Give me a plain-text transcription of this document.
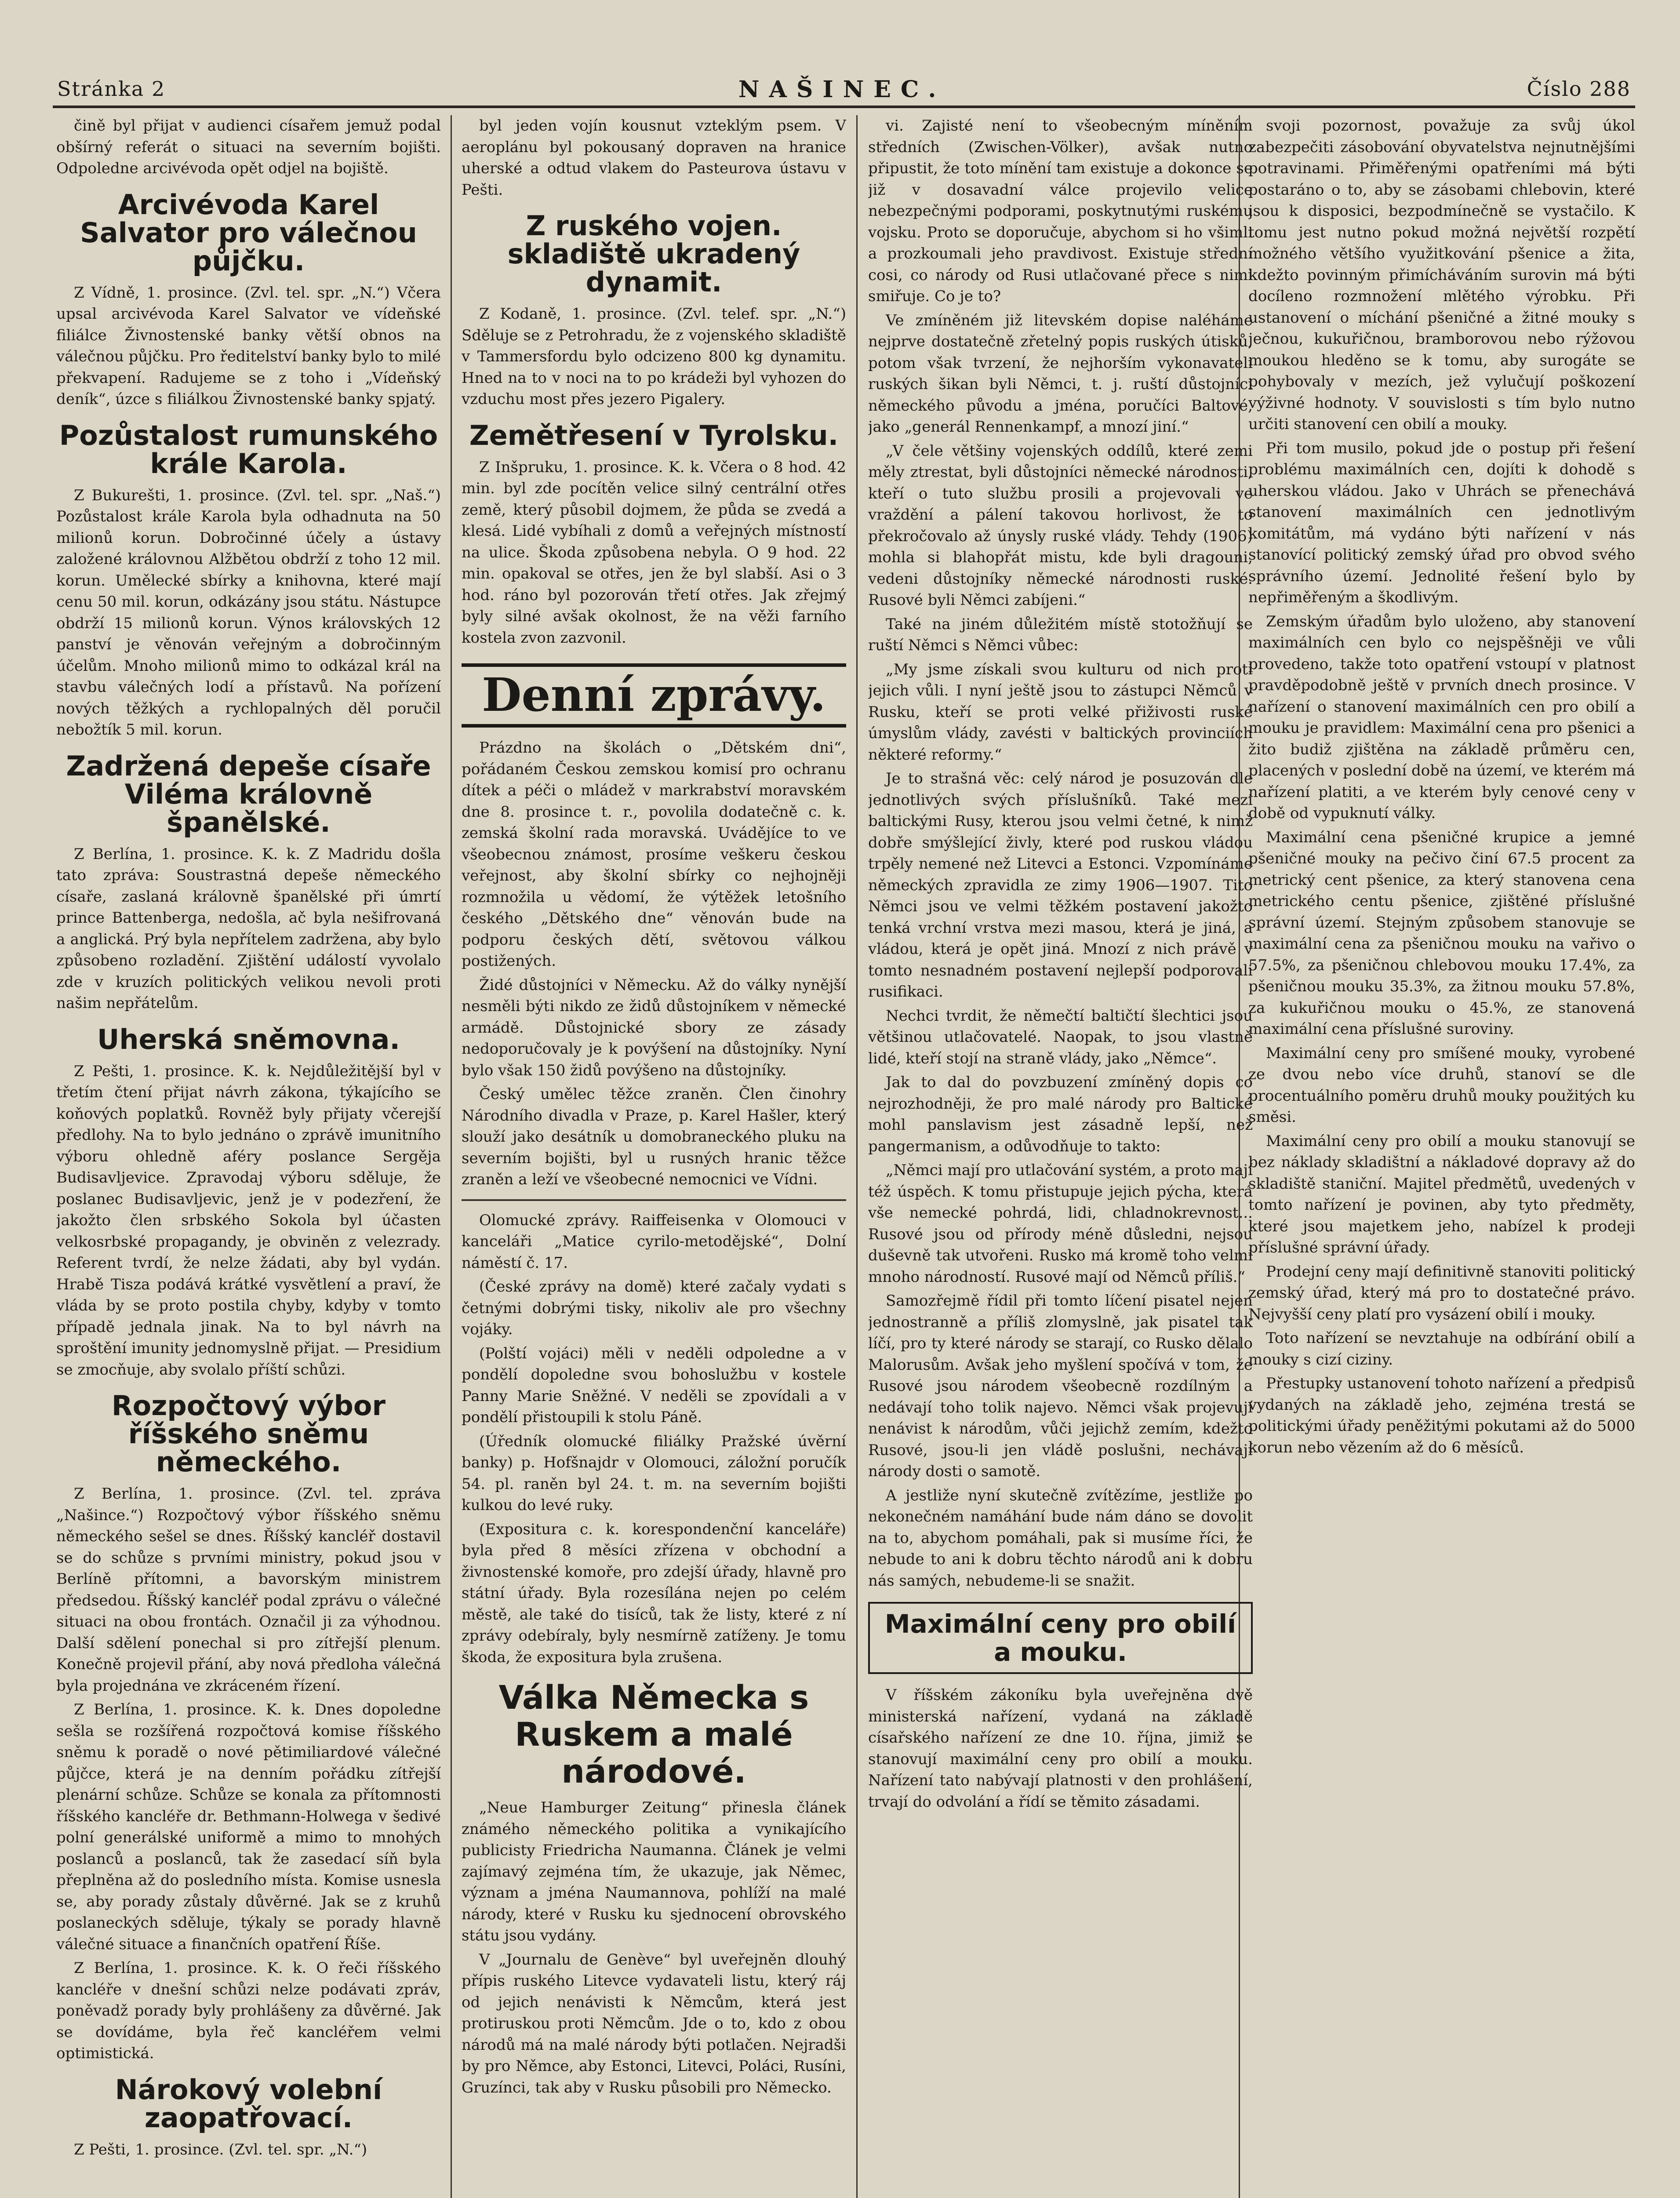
Stránka 2	NAŠINEC.	Číslo 288

čině byl přijat v audienci císařem jemuž podal obšírný referát o situaci na severním bojišti. Odpoledne arcivévoda opět odjel na bojiště.

Arcivévoda Karel Salvator pro válečnou půjčku.

Z Vídně, 1. prosince. (Zvl. tel. spr. „N.“) Včera upsal arcivévoda Karel Salvator ve vídeňské filiálce Živnostenské banky větší obnos na válečnou půjčku. Pro ředitelství banky bylo to milé překvapení. Radujeme se z toho i „Vídeňský deník“, úzce s filiálkou Živnostenské banky spjatý.

Pozůstalost rumunského krále Karola.

Z Bukurešti, 1. prosince. (Zvl. tel. spr. „Naš.“) Pozůstalost krále Karola byla odhadnuta na 50 milionů korun. Dobročinné účely a ústavy založené královnou Alžbětou obdrží z toho 12 mil. korun. Umělecké sbírky a knihovna, které mají cenu 50 mil. korun, odkázány jsou státu. Nástupce obdrží 15 milionů korun. Výnos královských 12 panství je věnován veřejným a dobročinným účelům. Mnoho milionů mimo to odkázal král na stavbu válečných lodí a přístavů. Na pořízení nových těžkých a rychlopalných děl poručil nebožtík 5 mil. korun.

Zadržená depeše císaře Viléma královně španělské.

Z Berlína, 1. prosince. K. k. Z Madridu došla tato zpráva: Soustrastná depeše německého císaře, zaslaná královně španělské při úmrtí prince Battenberga, nedošla, ač byla nešifrovaná a anglická. Prý byla nepřítelem zadržena, aby bylo způsobeno rozladění. Zjištění událostí vyvolalo zde v kruzích politických velikou nevoli proti našim nepřátelům.

Uherská sněmovna.

Z Pešti, 1. prosince. K. k. Nejdůležitější byl v třetím čtení přijat návrh zákona, týkajícího se koňových poplatků. Rovněž byly přijaty včerejší předlohy. Na to bylo jednáno o zprávě imunitního výboru ohledně aféry poslance Sergěja Budisavljevice. Zpravodaj výboru sděluje, že poslanec Budisavljevic, jenž je v podezření, že jakožto člen srbského Sokola byl účasten velkosrbské propagandy, je obviněn z velezrady. Referent tvrdí, že nelze žádati, aby byl vydán. Hrabě Tisza podává krátké vysvětlení a praví, že vláda by se proto postila chyby, kdyby v tomto případě jednala jinak. Na to byl návrh na sproštění imunity jednomyslně přijat. — Presidium se zmocňuje, aby svolalo příští schůzi.

Rozpočtový výbor říšského sněmu německého.

Z Berlína, 1. prosince. (Zvl. tel. zpráva „Našince.“) Rozpočtový výbor říšského sněmu německého sešel se dnes. Říšský kancléř dostavil se do schůze s prvními ministry, pokud jsou v Berlíně přítomni, a bavorským ministrem předsedou. Říšský kancléř podal zprávu o válečné situaci na obou frontách. Označil ji za výhodnou. Další sdělení ponechal si pro zítřejší plenum. Konečně projevil přání, aby nová předloha válečná byla projednána ve zkráceném řízení.

Z Berlína, 1. prosince. K. k. Dnes dopoledne sešla se rozšířená rozpočtová komise říšského sněmu k poradě o nové pětimiliardové válečné půjčce, která je na denním pořádku zítřejší plenární schůze. Schůze se konala za přítomnosti říšského kancléře dr. Bethmann-Holwega v šedivé polní generálské uniformě a mimo to mnohých poslanců a poslanců, tak že zasedací síň byla přeplněna až do posledního místa. Komise usnesla se, aby porady zůstaly důvěrné. Jak se z kruhů poslaneckých sděluje, týkaly se porady hlavně válečné situace a finančních opatření Říše.

Z Berlína, 1. prosince. K. k. O řeči říšského kancléře v dnešní schůzi nelze podávati zpráv, poněvadž porady byly prohlášeny za důvěrné. Jak se dovídáme, byla řeč kancléřem velmi optimistická.

Nárokový volební zaopatřovací.

Z Pešti, 1. prosince. (Zvl. tel. spr. „N.“)

byl jeden vojín kousnut vzteklým psem. V aeroplánu byl pokousaný dopraven na hranice uherské a odtud vlakem do Pasteurova ústavu v Pešti.

Z ruského vojen. skladiště ukradený dynamit.

Z Kodaně, 1. prosince. (Zvl. telef. spr. „N.“) Sděluje se z Petrohradu, že z vojenského skladiště v Tammersfordu bylo odcizeno 800 kg dynamitu. Hned na to v noci na to po krádeži byl vyhozen do vzduchu most přes jezero Pigalery.

Zemětřesení v Tyrolsku.

Z Inšpruku, 1. prosince. K. k. Včera o 8 hod. 42 min. byl zde pocítěn velice silný centrální otřes země, který působil dojmem, že půda se zvedá a klesá. Lidé vybíhali z domů a veřejných místností na ulice. Škoda způsobena nebyla. O 9 hod. 22 min. opakoval se otřes, jen že byl slabší. Asi o 3 hod. ráno byl pozorován třetí otřes. Jak zřejmý byly silné avšak okolnost, že na věži farního kostela zvon zazvonil.

Denní zprávy.

Prázdno na školách o „Dětském dni“, pořádaném Českou zemskou komisí pro ochranu dítek a péči o mládež v markrabství moravském dne 8. prosince t. r., povolila dodatečně c. k. zemská školní rada moravská. Uvádějíce to ve všeobecnou známost, prosíme veškeru českou veřejnost, aby školní sbírky co nejhojněji rozmnožila u vědomí, že výtěžek letošního českého „Dětského dne“ věnován bude na podporu českých dětí, světovou válkou postižených.

Židé důstojníci v Německu. Až do války nynější nesměli býti nikdo ze židů důstojníkem v německé armádě. Důstojnické sbory ze zásady nedoporučovaly je k povýšení na důstojníky. Nyní bylo však 150 židů povýšeno na důstojníky.

Český umělec těžce zraněn. Člen činohry Národního divadla v Praze, p. Karel Hašler, který slouží jako desátník u domobraneckého pluku na severním bojišti, byl u rusných hranic těžce zraněn a leží ve všeobecné nemocnici ve Vídni.

Olomucké zprávy. Raiffeisenka v Olomouci v kanceláři „Matice cyrilo-metodějské“, Dolní náměstí č. 17.

(České zprávy na domě) které začaly vydati s četnými dobrými tisky, nikoliv ale pro všechny vojáky.

(Polští vojáci) měli v neděli odpoledne a v pondělí dopoledne svou bohoslužbu v kostele Panny Marie Sněžné. V neděli se zpovídali a v pondělí přistoupili k stolu Páně.

(Úředník olomucké filiálky Pražské úvěrní banky) p. Hofšnajdr v Olomouci, záložní poručík 54. pl. raněn byl 24. t. m. na severním bojišti kulkou do levé ruky.

(Expositura c. k. korespondenční kanceláře) byla před 8 měsíci zřízena v obchodní a živnostenské komoře, pro zdejší úřady, hlavně pro státní úřady. Byla rozesílána nejen po celém městě, ale také do tisíců, tak že listy, které z ní zprávy odebíraly, byly nesmírně zatíženy. Je tomu škoda, že expositura byla zrušena.

Válka Německa s Ruskem a malé národové.

„Neue Hamburger Zeitung“ přinesla článek známého německého politika a vynikajícího publicisty Friedricha Naumanna. Článek je velmi zajímavý zejména tím, že ukazuje, jak Němec, význam a jména Naumannova, pohlíží na malé národy, které v Rusku ku sjednocení obrovského státu jsou vydány.

V „Journalu de Genève“ byl uveřejněn dlouhý přípis ruského Litevce vydavateli listu, který ráj od jejich nenávisti k Němcům, která jest protiruskou proti Němcům. Jde o to, kdo z obou národů má na malé národy býti potlačen. Nejradši by pro Němce, aby Estonci, Litevci, Poláci, Rusíni, Gruzínci, tak aby v Rusku působili pro Německo.

vi. Zajisté není to všeobecným míněním středních (Zwischen-Völker), avšak nutno připustit, že toto mínění tam existuje a dokonce se již v dosavadní válce projevilo velice nebezpečnými podporami, poskytnutými ruskému vojsku. Proto se doporučuje, abychom si ho všimli a prozkoumali jeho pravdivost. Existuje střední cosi, co národy od Rusi utlačované přece s nimi smiřuje. Co je to?

Ve zmíněném již litevském dopise naléháme nejprve dostatečně zřetelný popis ruských útisků, potom však tvrzení, že nejhorším vykonavateli ruských šikan byli Němci, t. j. ruští důstojníci německého původu a jména, poručíci Baltové, jako „generál Rennenkampf, a mnozí jiní.“

„V čele většiny vojenských oddílů, které zemi měly ztrestat, byli důstojníci německé národnosti, kteří o tuto službu prosili a projevovali ve vraždění a pálení takovou horlivost, že to překročovalo až únysly ruské vlády. Tehdy (1906) mohla si blahopřát mistu, kde byli dragouni, vedeni důstojníky německé národnosti ruské. Rusové byli Němci zabíjeni.“

Také na jiném důležitém místě stotožňují se ruští Němci s Němci vůbec:

„My jsme získali svou kulturu od nich proti jejich vůli. I nyní ještě jsou to zástupci Němců v Rusku, kteří se proti velké přiživosti ruské úmyslům vlády, zavésti v baltických provinciích některé reformy.“

Je to strašná věc: celý národ je posuzován dle jednotlivých svých příslušníků. Také mezi baltickými Rusy, kterou jsou velmi četné, k nimž dobře smýšlející živly, které pod ruskou vládou trpěly nemené než Litevci a Estonci. Vzpomínáme německých zpravidla ze zimy 1906—1907. Tito Němci jsou ve velmi těžkém postavení jakožto tenká vrchní vrstva mezi masou, která je jiná, a vládou, která je opět jiná. Mnozí z nich právě v tomto nesnadném postavení nejlepší podporovali rusifikaci.

Nechci tvrdit, že němečtí baltičtí šlechtici jsou většinou utlačovatelé. Naopak, to jsou vlastně lidé, kteří stojí na straně vlády, jako „Němce“.

Jak to dal do povzbuzení zmíněný dopis co nejrozhodněji, že pro malé národy pro Baltické mohl panslavism jest zásadně lepší, než pangermanism, a odůvodňuje to takto:

„Němci mají pro utlačování systém, a proto mají též úspěch. K tomu přistupuje jejich pýcha, která vše nemecké pohrdá, lidi, chladnokrevnost... Rusové jsou od přírody méně důsledni, nejsou duševně tak utvořeni. Rusko má kromě toho velmi mnoho národností. Rusové mají od Němců příliš.“

Samozřejmě řídil při tomto líčení pisatel nejen jednostranně a příliš zlomyslně, jak pisatel tak líčí, pro ty které národy se starají, co Rusko dělalo Malorusům. Avšak jeho myšlení spočívá v tom, že Rusové jsou národem všeobecně rozdílným a nedávají toho tolik najevo. Němci však projevují nenávist k národům, vůči jejichž zemím, kdežto Rusové, jsou-li jen vládě poslušni, nechávají národy dosti o samotě.

A jestliže nyní skutečně zvítězíme, jestliže po nekonečném namáhání bude nám dáno se dovolit na to, abychom pomáhali, pak si musíme říci, že nebude to ani k dobru těchto národů ani k dobru nás samých, nebudeme-li se snažit.

Maximální ceny pro obilí a mouku.

V říšském zákoníku byla uveřejněna dvě ministerská nařízení, vydaná na základě císařského nařízení ze dne 10. října, jimiž se stanovují maximální ceny pro obilí a mouku. Nařízení tato nabývají platnosti v den prohlášení, trvají do odvolání a řídí se těmito zásadami.

svoji pozornost, považuje za svůj úkol zabezpečiti zásobování obyvatelstva nejnutnějšími potravinami. Přiměřenými opatřeními má býti postaráno o to, aby se zásobami chlebovin, které jsou k disposici, bezpodmínečně se vystačilo. K tomu jest nutno pokud možná největší rozpětí možného většího využitkování pšenice a žita, kdežto povinným přimícháváním surovin má býti docíleno rozmnožení mlětého výrobku. Při ustanovení o míchání pšeničné a žitné mouky s ječnou, kukuřičnou, bramborovou nebo rýžovou moukou hleděno se k tomu, aby surogáte se pohybovaly v mezích, jež vylučují poškození výživné hodnoty. V souvislosti s tím bylo nutno určiti stanovení cen obilí a mouky.

Při tom musilo, pokud jde o postup při řešení problému maximálních cen, dojíti k dohodě s uherskou vládou. Jako v Uhrách se přenechává stanovení maximálních cen jednotlivým komitátům, má vydáno býti nařízení v nás stanovící politický zemský úřad pro obvod svého správního území. Jednolité řešení bylo by nepřiměřeným a škodlivým.

Zemským úřadům bylo uloženo, aby stanovení maximálních cen bylo co nejspěšněji ve vůli provedeno, takže toto opatření vstoupí v platnost pravděpodobně ještě v prvních dnech prosince. V nařízení o stanovení maximálních cen pro obilí a mouku je pravidlem: Maximální cena pro pšenici a žito budiž zjištěna na základě průměru cen, placených v poslední době na území, ve kterém má nařízení platiti, a ve kterém byly cenové ceny v době od vypuknutí války.

Maximální cena pšeničné krupice a jemné pšeničné mouky na pečivo činí 67.5 procent za metrický cent pšenice, za který stanovena cena metrického centu pšenice, zjištěné příslušné správní území. Stejným způsobem stanovuje se maximální cena za pšeničnou mouku na vařivo o 57.5%, za pšeničnou chlebovou mouku 17.4%, za pšeničnou mouku 35.3%, za žitnou mouku 57.8%, za kukuřičnou mouku o 45.%, ze stanovená maximální cena příslušné suroviny.

Maximální ceny pro smíšené mouky, vyrobené ze dvou nebo více druhů, stanoví se dle procentuálního poměru druhů mouky použitých ku směsi.

Maximální ceny pro obilí a mouku stanovují se bez náklady skladištní a nákladové dopravy až do skladiště staniční. Majitel předmětů, uvedených v tomto nařízení je povinen, aby tyto předměty, které jsou majetkem jeho, nabízel k prodeji příslušné správní úřady.

Prodejní ceny mají definitivně stanoviti politický zemský úřad, který má pro to dostatečné právo. Nejvyšší ceny platí pro vysázení obilí i mouky.

Toto nařízení se nevztahuje na odbírání obilí a mouky s cizí ciziny.

Přestupky ustanovení tohoto nařízení a předpisů vydaných na základě jeho, zejména trestá se politickými úřady peněžitými pokutami až do 5000 korun nebo vězením až do 6 měsíců.
